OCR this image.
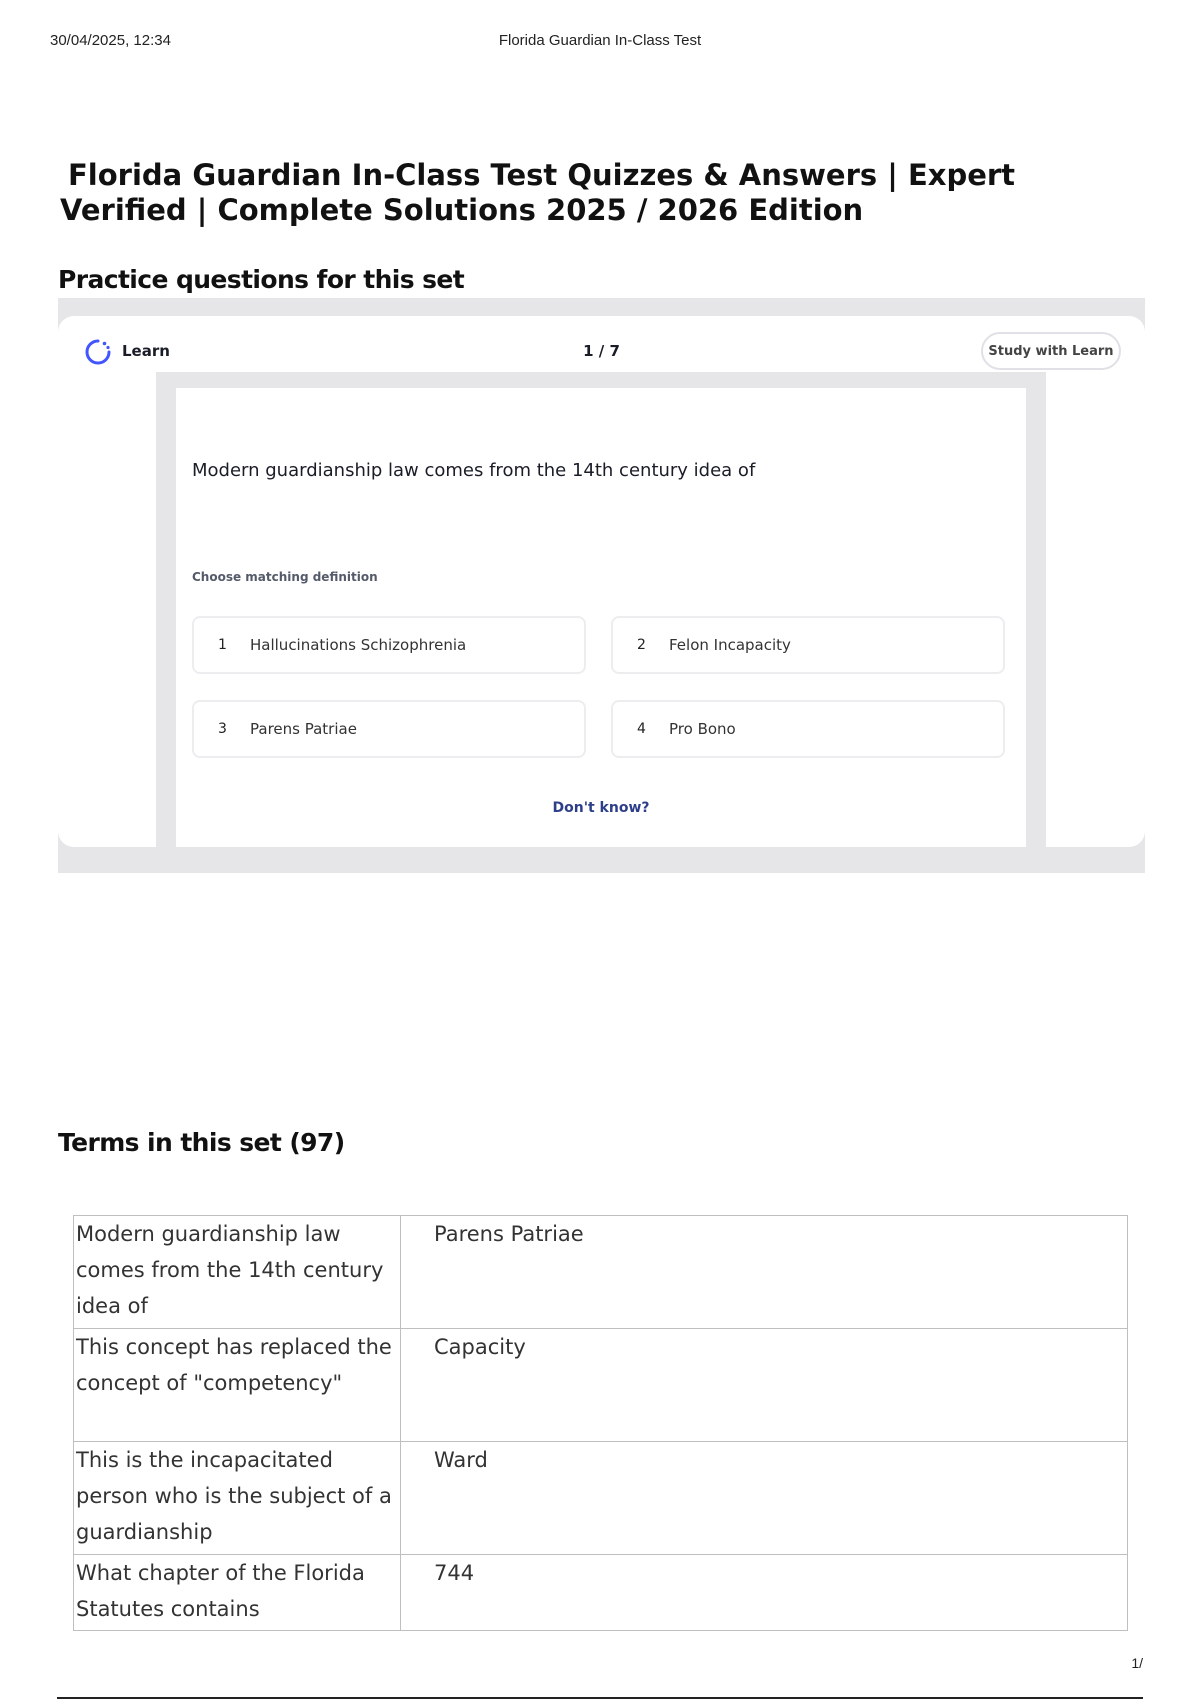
30/04/2025, 12:34	Florida Guardian In-Class Test
Florida Guardian In-Class Test Quizzes & Answers | Expert Verified | Complete Solutions 2025 / 2026 Edition
Practice questions for this set
Learn	1 / 7	Study with Learn
Modern guardianship law comes from the 14th century idea of
Choose matching definition
1 Hallucinations Schizophrenia	2 Felon Incapacity
3 Parens Patriae	4 Pro Bono
Don't know?
Terms in this set (97)
Modern guardianship law comes from the 14th century idea of	Parens Patriae
This concept has replaced the concept of "competency"	Capacity
This is the incapacitated person who is the subject of a guardianship	Ward
What chapter of the Florida Statutes contains	744
1/
